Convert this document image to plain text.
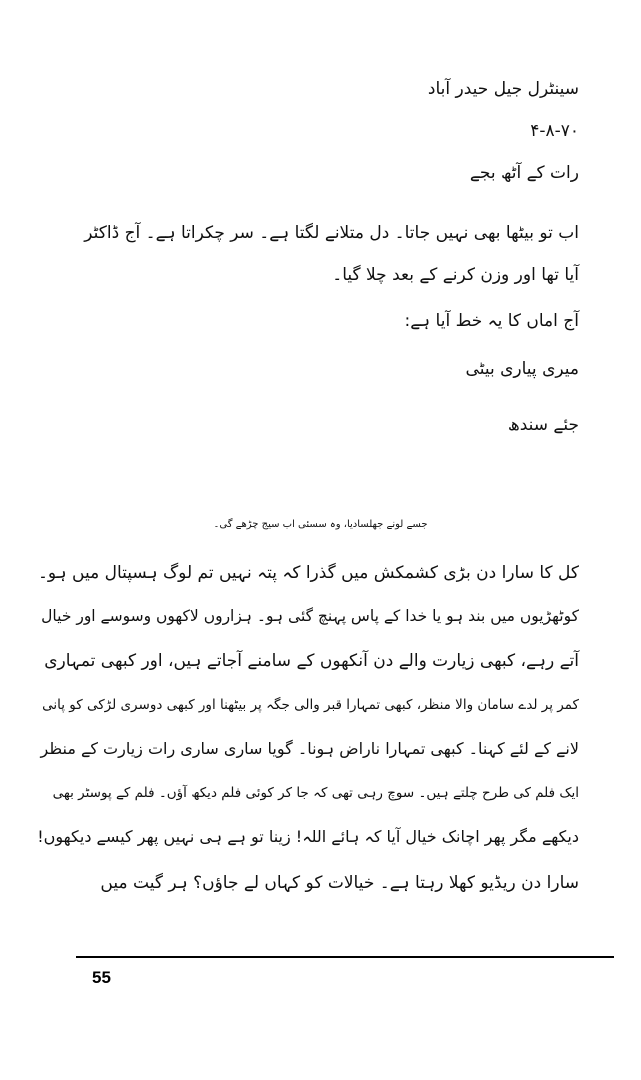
سینٹرل جیل حیدر آباد
۴-۸-۷۰
رات کے آٹھ بجے
اب تو بیٹھا بھی نہیں جاتا۔ دل متلانے لگتا ہے۔ سر چکراتا ہے۔ آج ڈاکٹر
آیا تھا اور وزن کرنے کے بعد چلا گیا۔
آج اماں کا یہ خط آیا ہے:
میری پیاری بیٹی
جئے سندھ
جسے لونے جھلسادیا، وہ سسئی اب سیج چڑھے گی۔
کل کا سارا دن بڑی کشمکش میں گذرا کہ پتہ نہیں تم لوگ ہسپتال میں ہو۔
کوٹھڑیوں میں بند ہو یا خدا کے پاس پہنچ گئی ہو۔ ہزاروں لاکھوں وسوسے اور خیال
آتے رہے، کبھی زیارت والے دن آنکھوں کے سامنے آجاتے ہیں، اور کبھی تمہاری
کمر پر لدے سامان والا منظر، کبھی تمہارا قبر والی جگہ پر بیٹھنا اور کبھی دوسری لڑکی کو پانی
لانے کے لئے کہنا۔ کبھی تمہارا ناراض ہونا۔ گویا ساری ساری رات زیارت کے منظر
ایک فلم کی طرح چلتے ہیں۔ سوچ رہی تھی کہ جا کر کوئی فلم دیکھ آؤں۔ فلم کے پوسٹر بھی
دیکھے مگر پھر اچانک خیال آیا کہ ہائے اللہ! زینا تو ہے ہی نہیں پھر کیسے دیکھوں!
سارا دن ریڈیو کھلا رہتا ہے۔ خیالات کو کہاں لے جاؤں؟ ہر گیت میں
55
